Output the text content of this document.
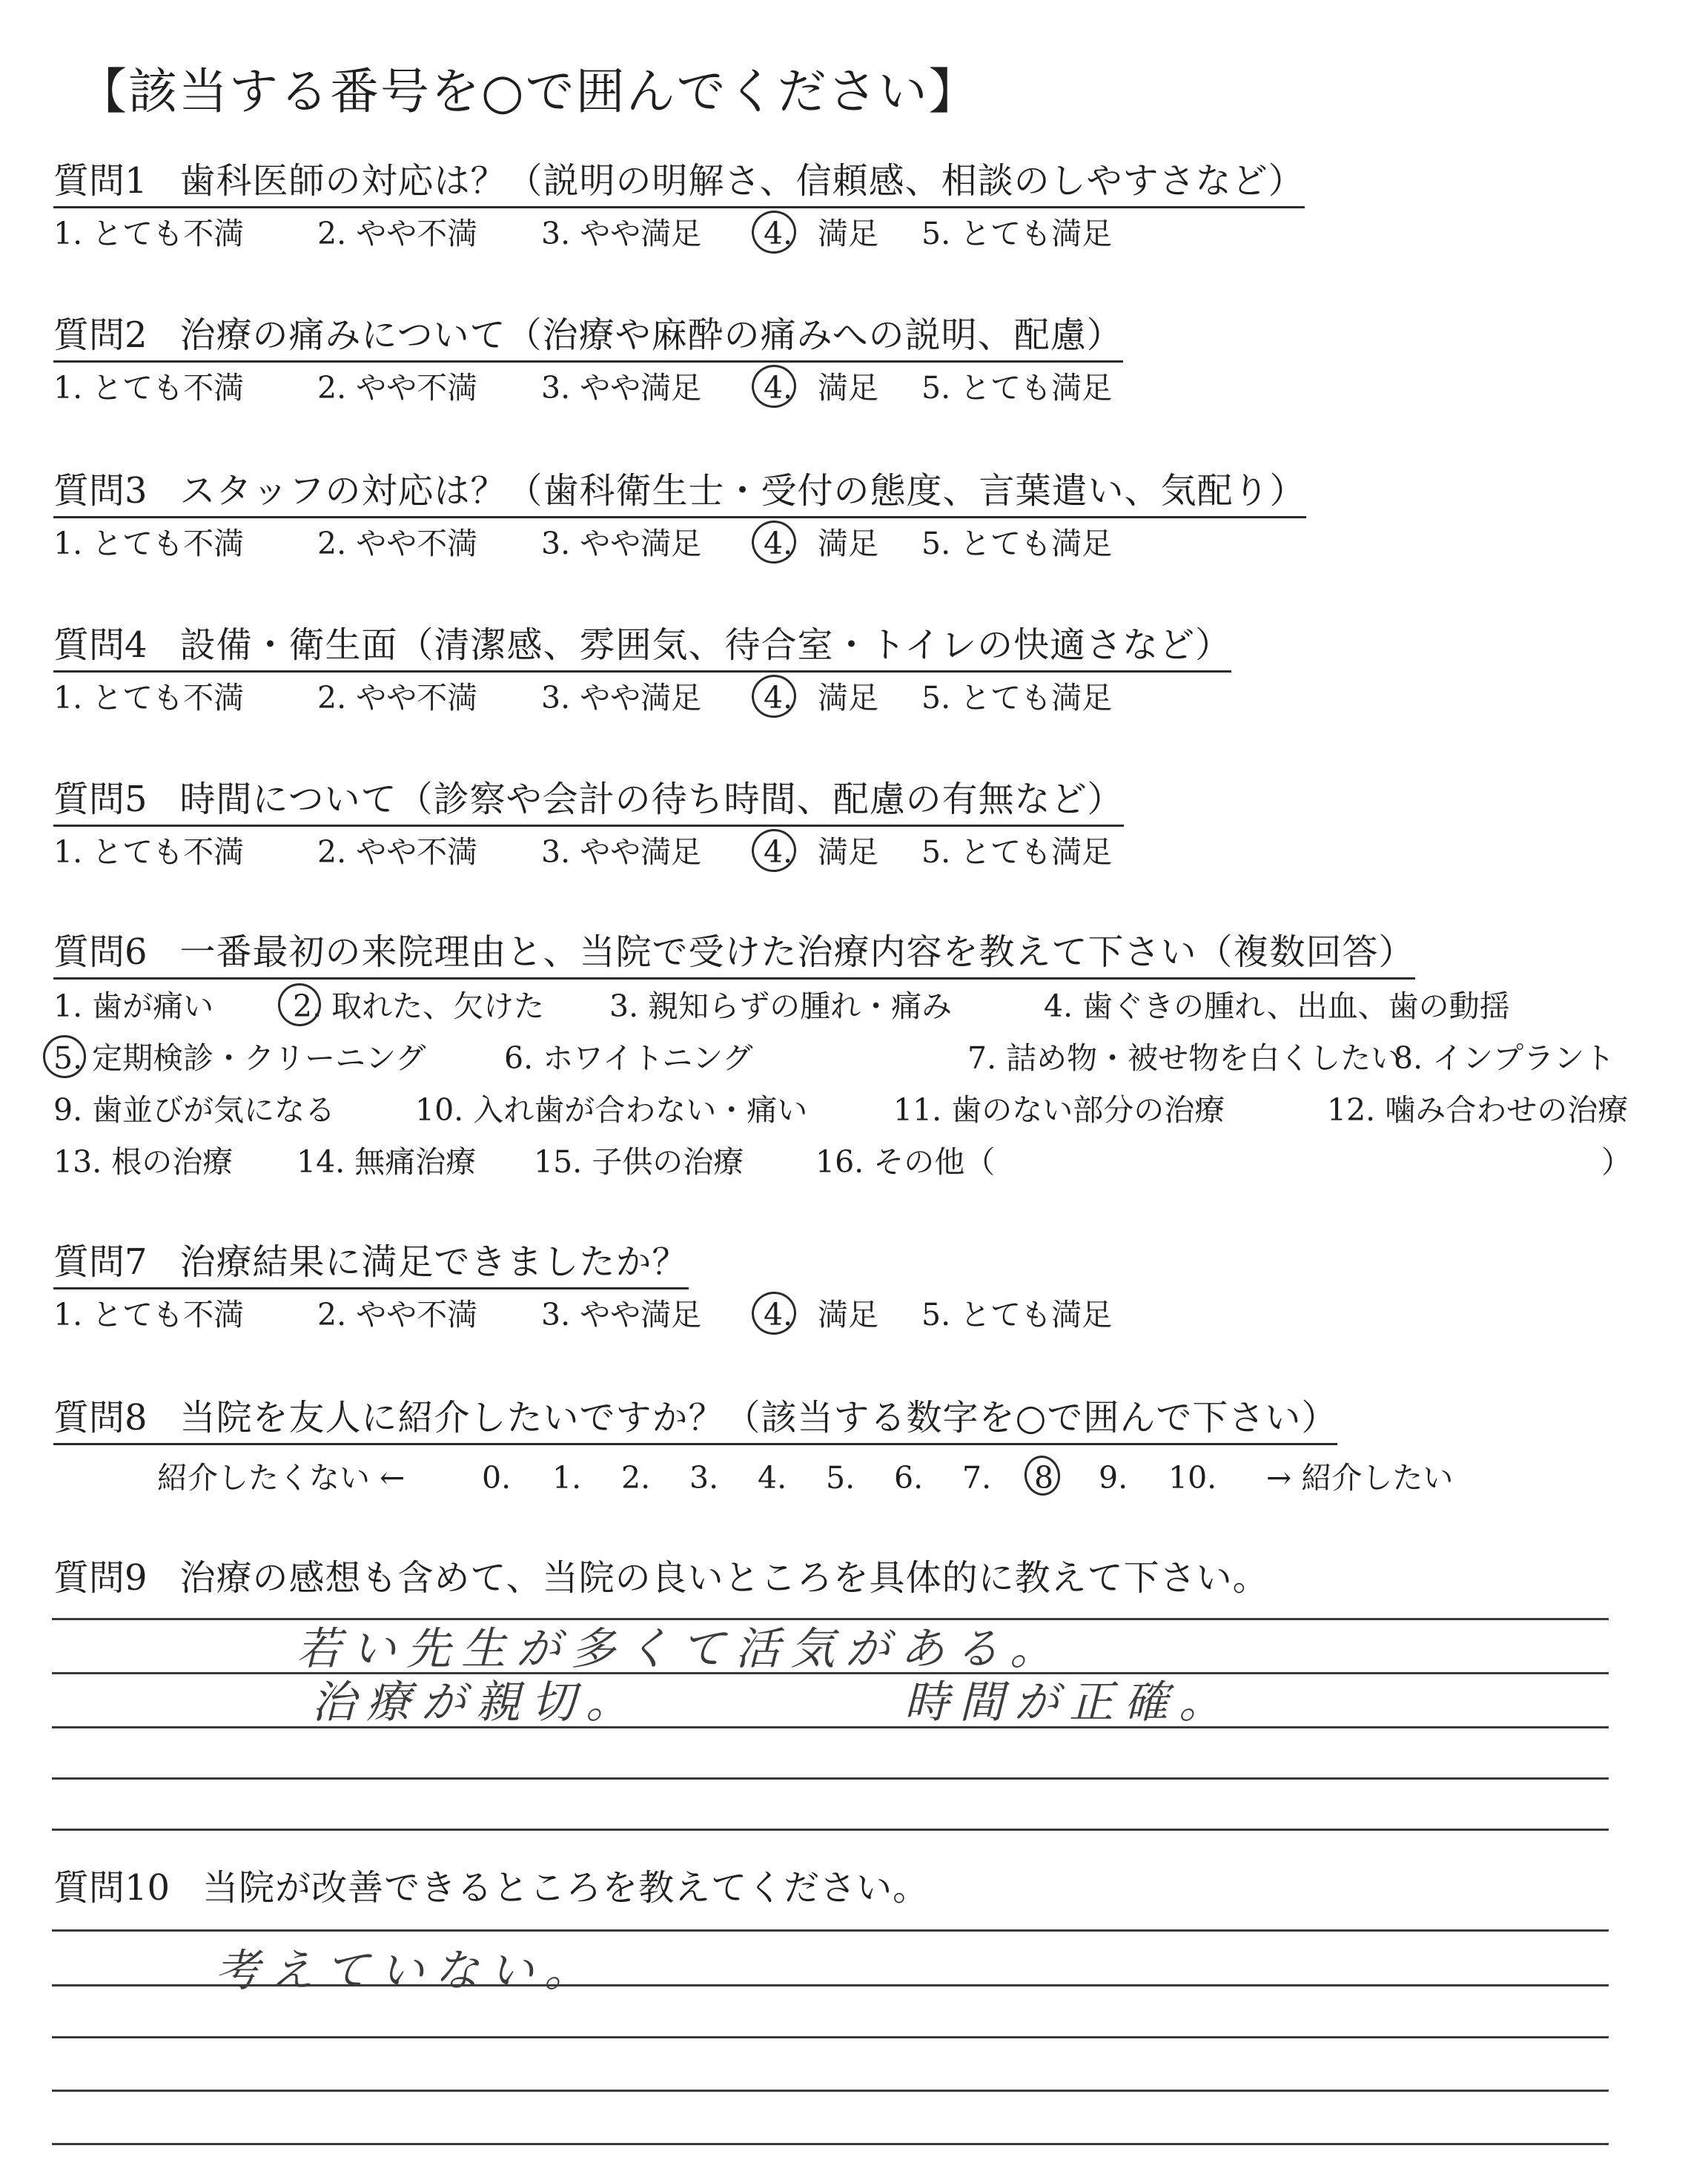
【該当する番号を○で囲んでください】
質問1 歯科医師の対応は？（説明の明解さ、信頼感、相談のしやすさなど）
1. とても不満 2. やや不満 3. やや満足 4. 満足 5. とても満足
質問2 治療の痛みについて（治療や麻酔の痛みへの説明、配慮）
1. とても不満 2. やや不満 3. やや満足 4. 満足 5. とても満足
質問3 スタッフの対応は？（歯科衛生士・受付の態度、言葉遣い、気配り）
1. とても不満 2. やや不満 3. やや満足 4. 満足 5. とても満足
質問4 設備・衛生面（清潔感、雰囲気、待合室・トイレの快適さなど）
1. とても不満 2. やや不満 3. やや満足 4. 満足 5. とても満足
質問5 時間について（診察や会計の待ち時間、配慮の有無など）
1. とても不満 2. やや不満 3. やや満足 4. 満足 5. とても満足
質問7 治療結果に満足できましたか？
1. とても不満 2. やや不満 3. やや満足 4. 満足 5. とても満足
質問6 一番最初の来院理由と、当院で受けた治療内容を教えて下さい（複数回答）
1. 歯が痛い	2. 取れた、欠けた 3. 親知らずの腫れ・痛み	4. 歯ぐきの腫れ、出血、歯の動揺
5. 定期検診・クリーニング	6. ホワイトニング	7. 詰め物・被せ物を白くしたい
8. インプラント
9. 歯並びが気になる	10. 入れ歯が合わない・痛い	11. 歯のない部分の治療	12. 噛み合わせの治療
13. 根の治療 14. 無痛治療 15. 子供の治療 16. その他（	）
質問8 当院を友人に紹介したいですか？（該当する数字を○で囲んで下さい）
紹介したくない ←	→ 紹介したい
0. 1. 2. 3. 4. 5. 6. 7. 8 9. 10.
質問9 治療の感想も含めて、当院の良いところを具体的に教えて下さい。
若い先生が多くて活気がある。
治療が親切。	時間が正確。
質問10 当院が改善できるところを教えてください。
考えていない。
